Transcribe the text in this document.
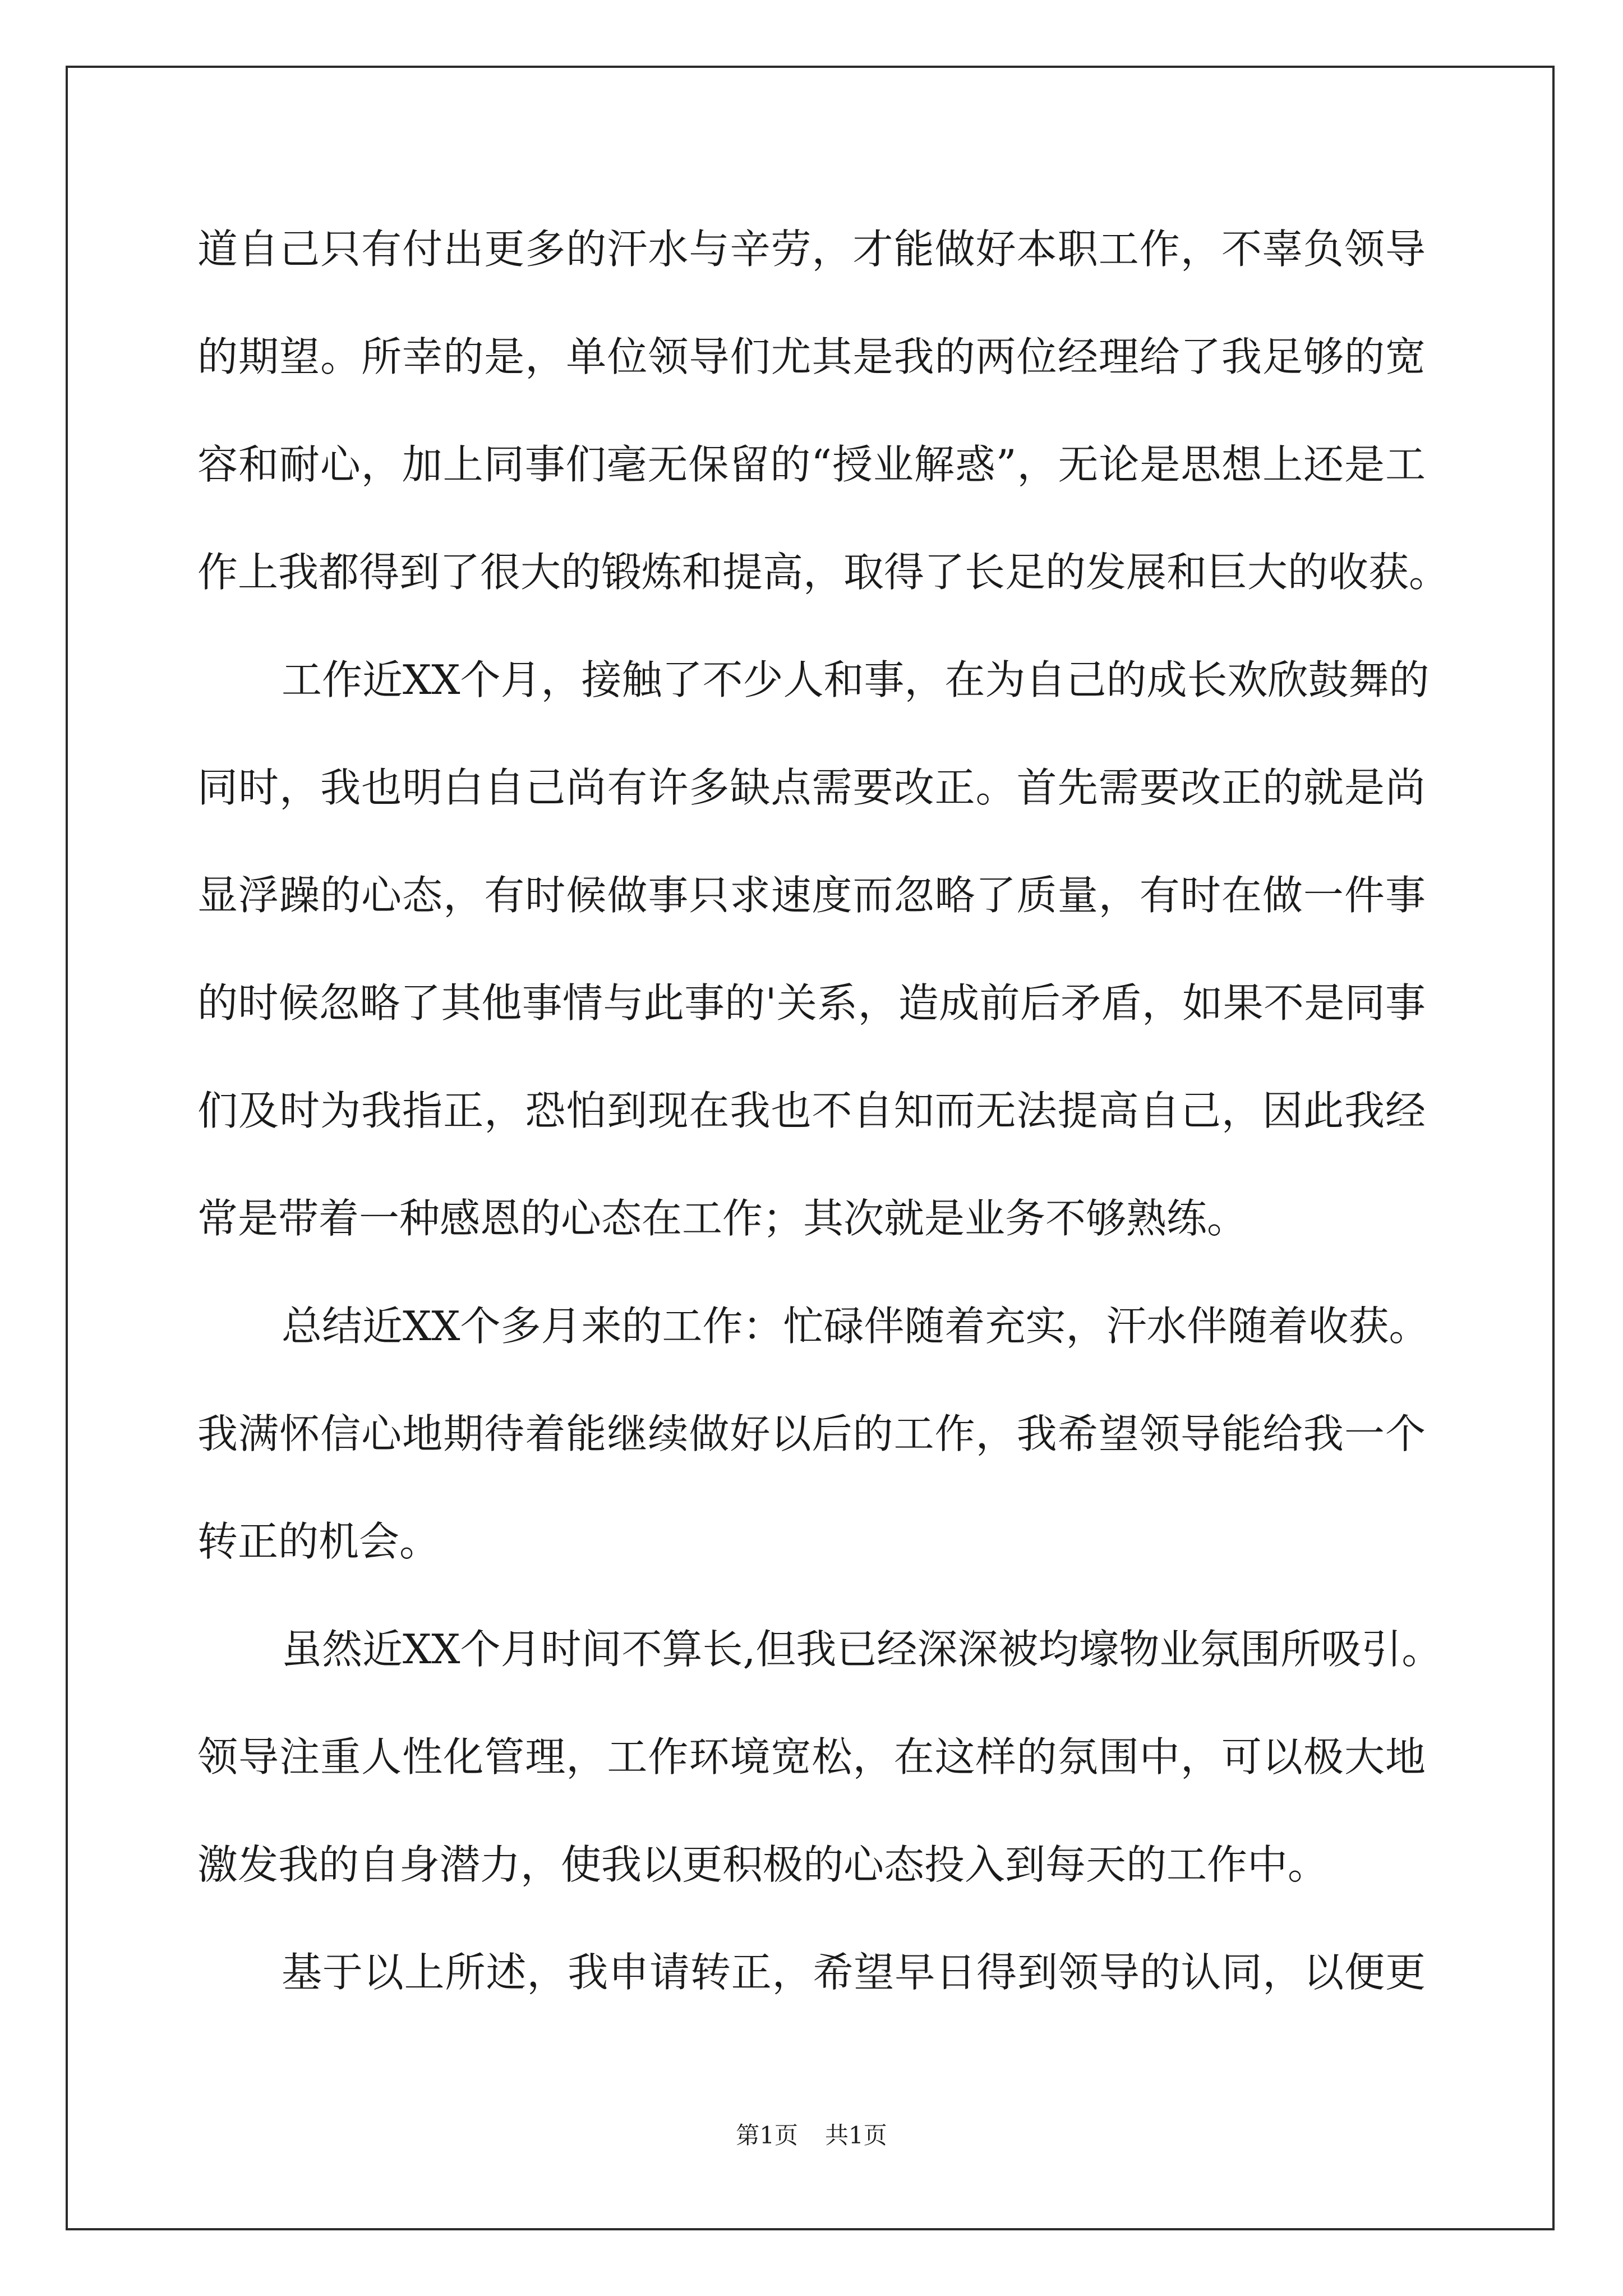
道自己只有付出更多的汗水与辛劳，才能做好本职工作，不辜负领导
的期望。所幸的是，单位领导们尤其是我的两位经理给了我足够的宽
容和耐心，加上同事们毫无保留的“授业解惑”，无论是思想上还是工
作上我都得到了很大的锻炼和提高，取得了长足的发展和巨大的收获。
工作近XX个月，接触了不少人和事，在为自己的成长欢欣鼓舞的
同时，我也明白自己尚有许多缺点需要改正。首先需要改正的就是尚
显浮躁的心态，有时候做事只求速度而忽略了质量，有时在做一件事
的时候忽略了其他事情与此事的'关系，造成前后矛盾，如果不是同事
们及时为我指正，恐怕到现在我也不自知而无法提高自己，因此我经
常是带着一种感恩的心态在工作；其次就是业务不够熟练。
总结近XX个多月来的工作：忙碌伴随着充实，汗水伴随着收获。
我满怀信心地期待着能继续做好以后的工作，我希望领导能给我一个
转正的机会。
虽然近XX个月时间不算长,但我已经深深被均壕物业氛围所吸引。
领导注重人性化管理，工作环境宽松，在这样的氛围中，可以极大地
激发我的自身潜力，使我以更积极的心态投入到每天的工作中。
基于以上所述，我申请转正，希望早日得到领导的认同，以便更
第1页 共1页
